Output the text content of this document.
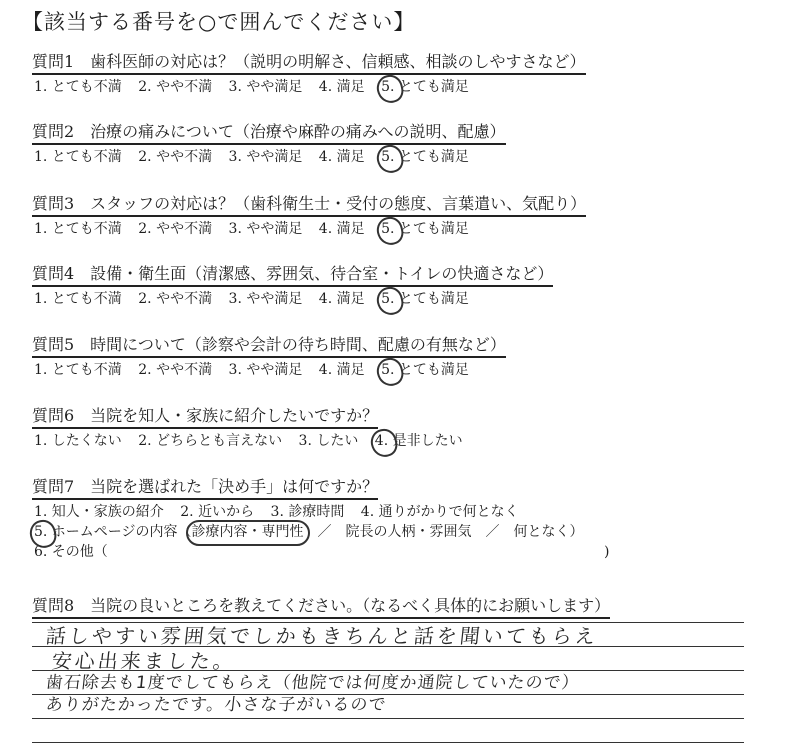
【該当する番号を○で囲んでください】
質問1　歯科医師の対応は？（説明の明解さ、信頼感、相談のしやすさなど）
1. とても不満 2. やや不満 3. やや満足 4. 満足 5. とても満足
質問2　治療の痛みについて（治療や麻酔の痛みへの説明、配慮）
1. とても不満 2. やや不満 3. やや満足 4. 満足 5. とても満足
質問3　スタッフの対応は？（歯科衛生士・受付の態度、言葉遣い、気配り）
1. とても不満 2. やや不満 3. やや満足 4. 満足 5. とても満足
質問4　設備・衛生面（清潔感、雰囲気、待合室・トイレの快適さなど）
1. とても不満 2. やや不満 3. やや満足 4. 満足 5. とても満足
質問5　時間について（診察や会計の待ち時間、配慮の有無など）
1. とても不満 2. やや不満 3. やや満足 4. 満足 5. とても満足
質問6　当院を知人・家族に紹介したいですか？
1. したくない 2. どちらとも言えない 3. したい 4. 是非したい
質問7　当院を選ばれた「決め手」は何ですか？
1. 知人・家族の紹介 2. 近いから 3. 診療時間 4. 通りがかりで何となく
5. ホームページの内容（診療内容・専門性　 ／　院長の人柄・雰囲気　／　何となく）
6. その他（	)
質問8　当院の良いところを教えてください。（なるべく具体的にお願いします）
話しやすい雰囲気でしかもきちんと話を聞いてもらえ
安心出来ました。
歯石除去も1度でしてもらえ（他院では何度か通院していたので）
ありがたかったです。小さな子がいるので
